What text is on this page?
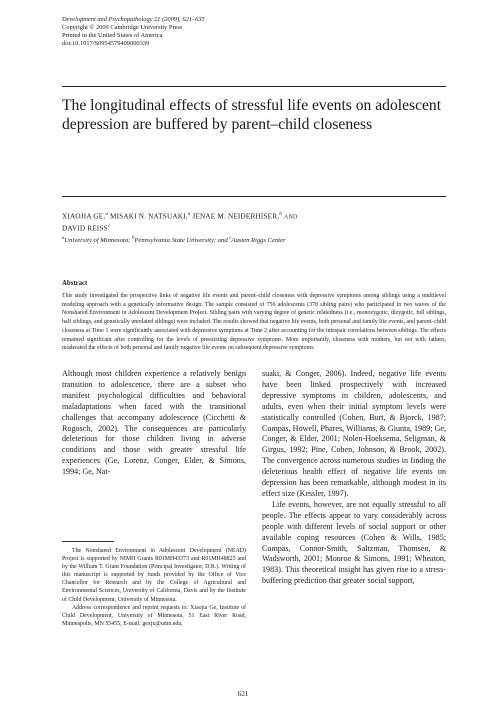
Development and Psychopathology 21 (2009), 621–635
Copyright © 2009 Cambridge University Press
Printed in the United States of America
doi:10.1017/S0954579409000339
The longitudinal effects of stressful life events on adolescent depression are buffered by parent–child closeness
XIAOJIA GE,$^a$ MISAKI N. NATSUAKI,$^a$ JENAE M. NEIDERHISER,$^b$ AND
DAVID REISS$^c$
$^a$University of Minnesota; $^b$Pennsylvania State University; and $^c$Austen Riggs Center
Abstract
This study investigated the prospective links of negative life events and parent–child closeness with depressive symptoms among siblings using a multilevel modeling approach with a genetically informative design. The sample consisted of 756 adolescents (378 sibling pairs) who participated in two waves of the Nonshared Environment in Adolescent Development Project. Sibling pairs with varying degree of genetic relatedness (i.e., monozygotic, dizygotic, full siblings, half siblings, and genetically unrelated siblings) were included. The results showed that negative life events, both personal and family life events, and parent–child closeness at Time 1 were significantly associated with depressive symptoms at Time 2 after accounting for the intrapair correlations between siblings. The effects remained significant after controlling for the levels of preexisting depressive symptoms. More importantly, closeness with mothers, but not with fathers, moderated the effects of both personal and family negative life events on subsequent depressive symptoms.

Although most children experience a relatively benign transition to adolescence, there are a subset who manifest psychological difficulties and behavioral maladaptations when faced with the transitional challenges that accompany adolescence (Cicchetti & Rogosch, 2002). The consequences are particularly deleterious for those children living in adverse conditions and those with greater stressful life experiences (Ge, Lorenz, Conger, Elder, & Simons, 1994; Ge, Nat-

suaki, & Conger, 2006). Indeed, negative life events have been linked prospectively with increased depressive symptoms in children, adolescents, and adults, even when their initial symptom levels were statistically controlled (Cohen, Burt, & Bjorck, 1987; Compas, Howell, Phares, Williams, & Giunta, 1989; Ge, Conger, & Elder, 2001; Nolen-Hoeksema, Seligman, & Girgus, 1992; Pine, Cohen, Johnson, & Brook, 2002). The convergence across numerous studies in finding the deleterious health effect of negative life events on depression has been remarkable, although modest in its effect size (Kessler, 1997).

Life events, however, are not equally stressful to all people. The effects appear to vary considerably across people with different levels of social support or other available coping resources (Cohen & Wills, 1985; Compas, Connor-Smith, Saltzman, Thomsen, & Wadsworth, 2001; Monroe & Simons, 1991; Wheaton, 1983). This theoretical insight has given rise to a stress-buffering prediction that greater social support,

The Nonshared Environment in Adolescent Development (NEAD) Project is supported by NIMH Grants R01MH43373 and R01MH48825 and by the William T. Grant Foundation (Principal Investigator, D.R.). Writing of this manuscript is supported by funds provided by the Office of Vice Chancellor for Research and by the College of Agricultural and Environmental Sciences, University of California, Davis and by the Institute of Child Development, University of Minnesota.

Address correspondence and reprint requests to: Xiaojia Ge, Institute of Child Development, University of Minnesota, 51 East River Road, Minneapolis, MN 55455; E-mail: gexjx@umn.edu.

621
